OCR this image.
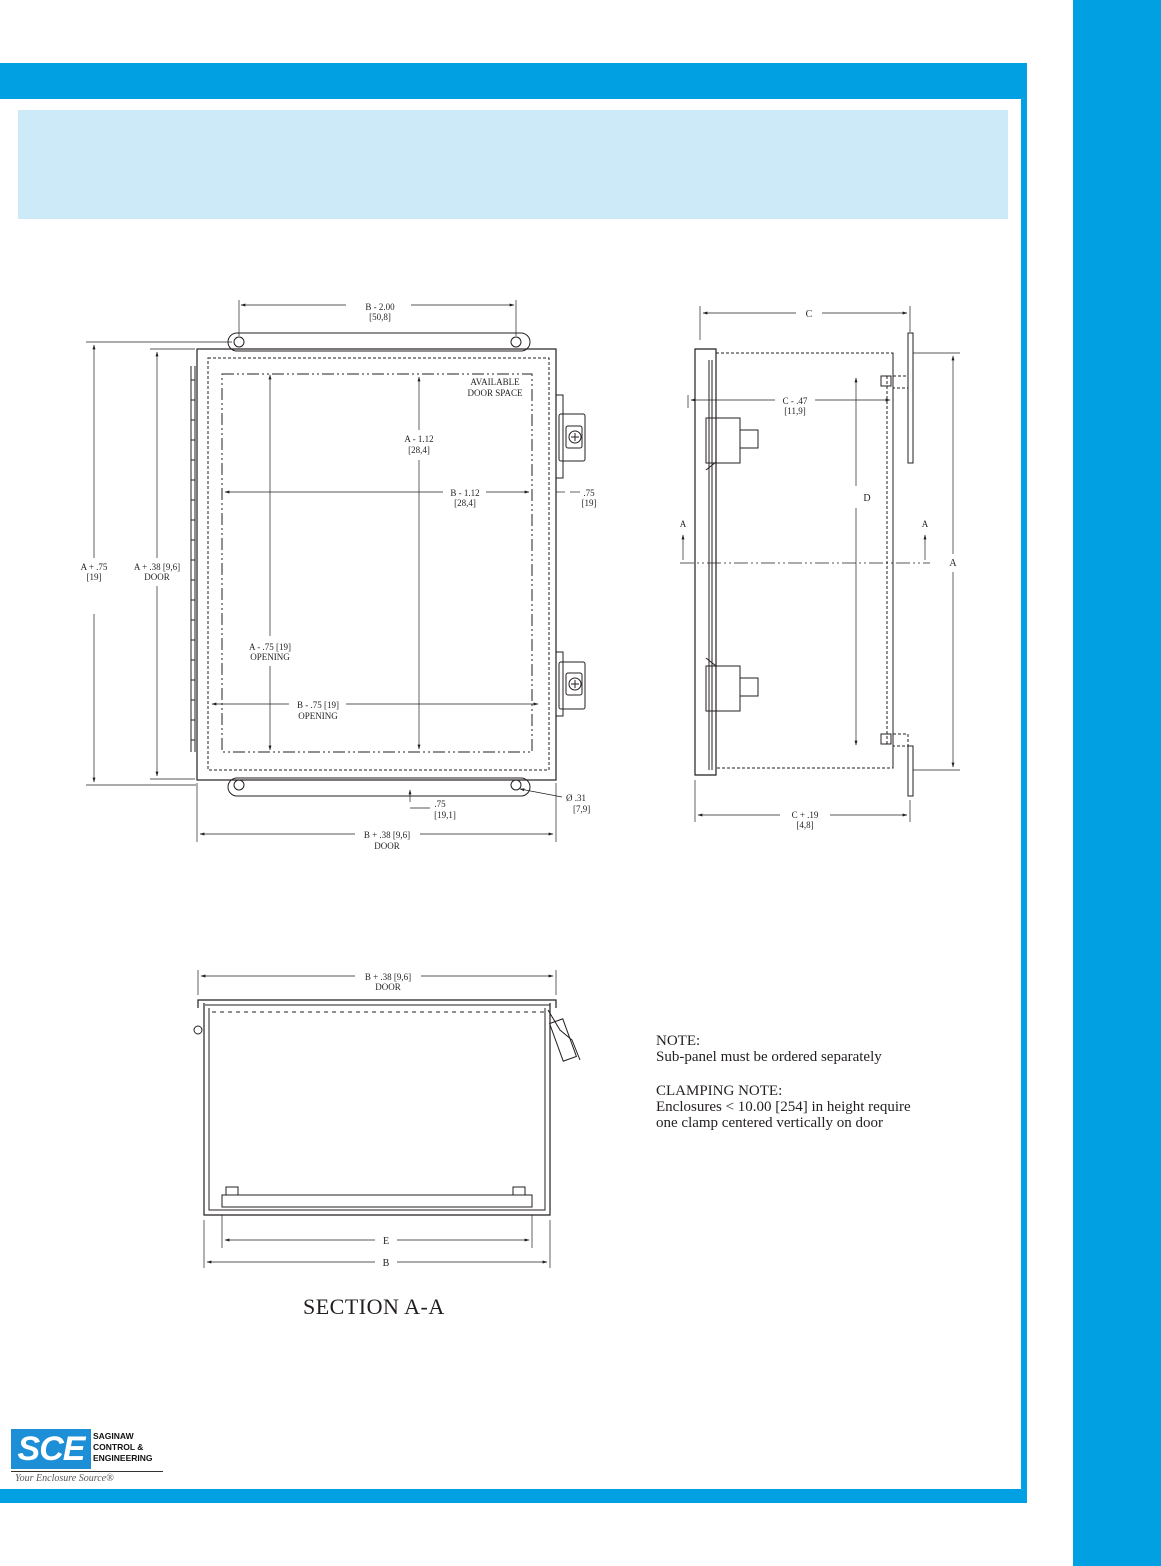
B - 2.00
[50,8]
A + .75
[19]
A + .38 [9,6]
DOOR
AVAILABLE
DOOR SPACE
A - 1.12
[28,4]
B - 1.12
[28,4]
.75
[19]
A - .75 [19]
OPENING
B - .75 [19]
OPENING
.75
[19,1]
Ø .31
[7,9]
B + .38 [9,6]
DOOR
C
C - .47
[11,9]
D
A
A	A
C + .19
[4,8]
B + .38 [9,6]
DOOR
E
B
NOTE:
Sub-panel must be ordered separately
CLAMPING NOTE:
Enclosures < 10.00 [254] in height require
one clamp centered vertically on door
SECTION A-A
SCE	SAGINAW
CONTROL &
ENGINEERING
Your Enclosure Source®
